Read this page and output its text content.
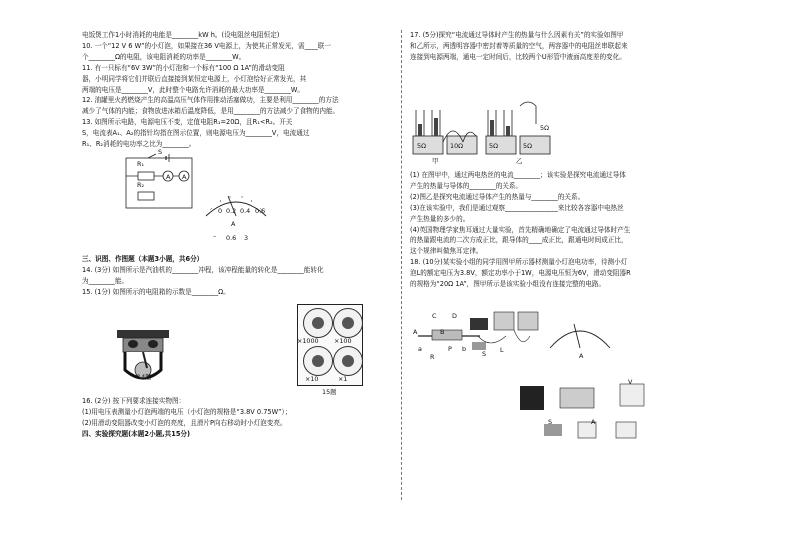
电饭煲工作1小时消耗的电能是________kW h。(设电阻丝电阻恒定)

10. 一个“12 V 6 W”的小灯泡，如果接在36 V电源上，为使其正常发光，需____联一

个________Ω的电阻，该电阻消耗的功率是________W。

11. 有一只标有“6V 3W”的小灯泡和一个标有“100 Ω 1A”的滑动变阻

器，小明同学将它们并联后直接接到某恒定电源上，小灯泡恰好正常发光，其

两端的电压是________V，此时整个电路允许消耗的最大功率是________W。

12. 油罐里火药燃烧产生的高温高压气体作用推动活塞做功，主要是利用________的方法

减少了气体的内能；食物放进冰箱后温度降低，是用________的方法减少了食物的内能。

13. 如图所示电路，电源电压不变，定值电阻R₁=20Ω，且R₁<R₂。开关

S，电流表A₁、A₂的指针均指在图示位置，则电源电压为________V，电流通过

R₁、R₂消耗的电功率之比为________。

R₁
R₂
A A
S
0 0.2 0.4 0.6
A
– 0.6 3

三、识图、作图题（本题3小题，共6分）

14. (3分) 如图所示是汽油机的________冲程，该冲程能量的转化是________能转化

为________能。

15. (1分) 如图所示的电阻箱的示数是________Ω。

14题
×1000 ×100
×10	×1
15题

16. (2分) 按下列要求连接实物图：

(1)用电压表测量小灯泡两端的电压（小灯泡的规格是“3.8V 0.75W”）；

(2)用滑动变阻器改变小灯泡的亮度，且滑片P向右移动时小灯泡变亮。

四、实验探究题(本题2小题,共15分)

17. (5分)探究“电流通过导体时产生的热量与什么因素有关”的实验如图甲

和乙所示，两透明容器中密封着等质量的空气，两容器中的电阻丝串联起来

连接到电源两端，通电一定时间后，比较两个U形管中液面高度差的变化。

甲	乙
5Ω	10Ω	5Ω	5Ω
5Ω

(1) 在图甲中，通过两电热丝的电流________；该实验是探究电流通过导体

产生的热量与导体的________的关系。

(2)图乙是探究电流通过导体产生的热量与________的关系。

(3)在该实验中，我们是通过观察________________来比较各容器中电热丝

产生热量的多少的。

(4)英国物理学家焦耳通过大量实验，首先精确地确定了电流通过导体时产生

的热量跟电流的二次方成正比，跟导体的____成正比，跟通电时间成正比，

这个规律叫做焦耳定律。

18. (10分)某实验小组的同学用图甲所示器材测量小灯泡电功率，待测小灯

泡L的额定电压为3.8V，额定功率小于1W，电源电压恒为6V，滑动变阻器R

的规格为“20Ω 1A”，图甲所示是该实验小组没有连接完整的电路。

A	B
C D
P
a	b
R	S L
A
V
S	A
